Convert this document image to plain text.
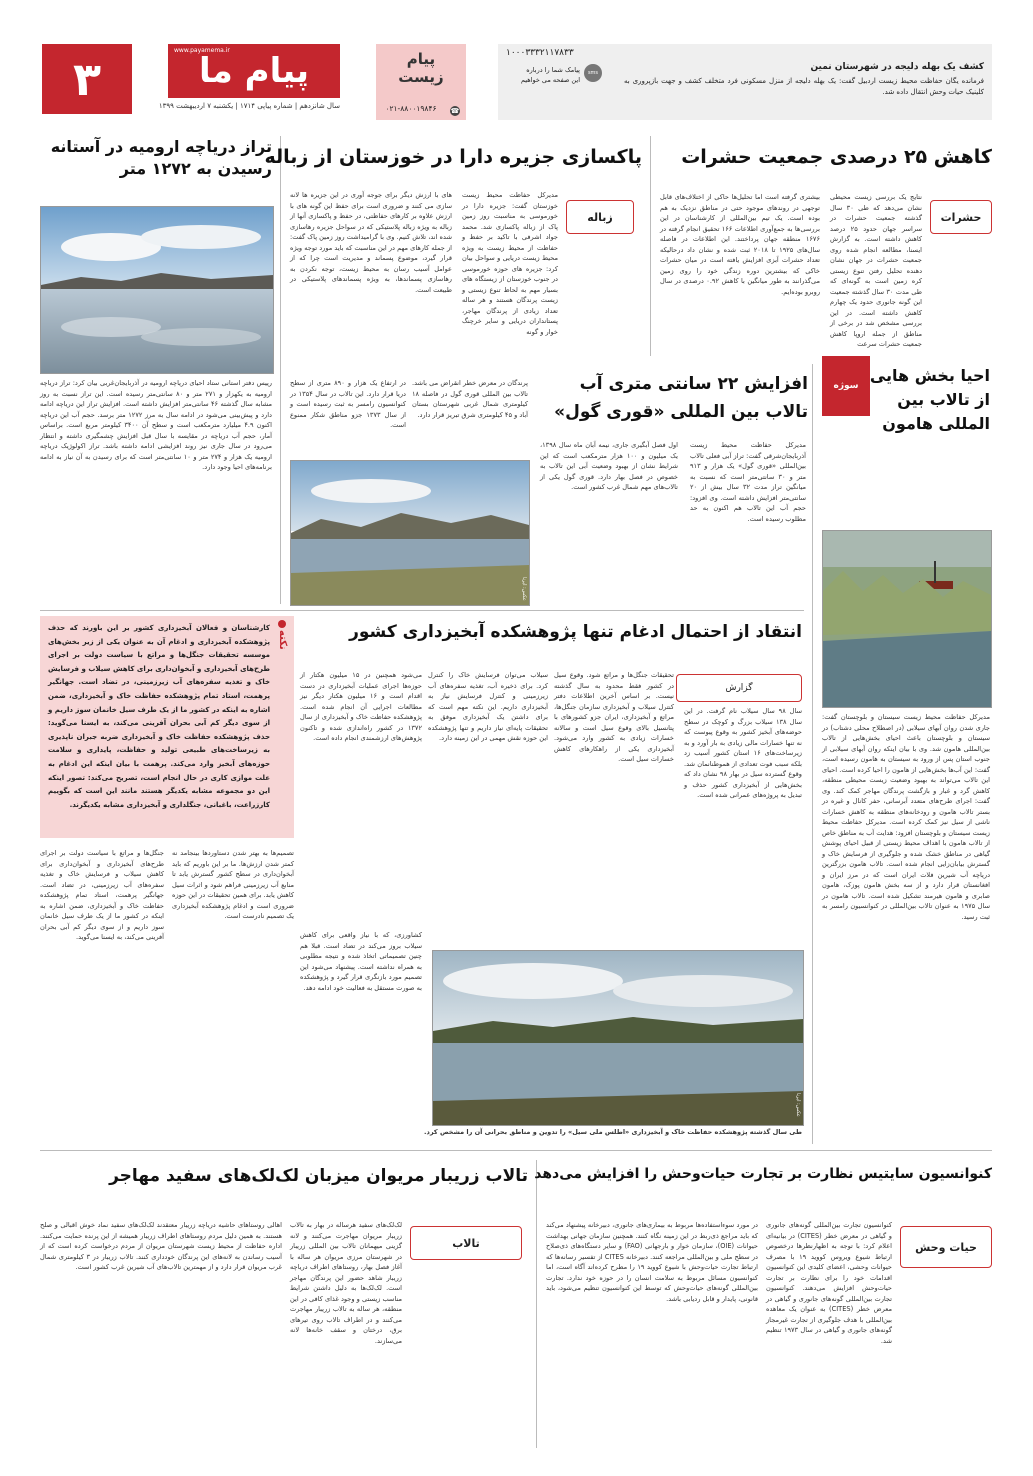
۳	پیام ما
www.payamema.ir
سال شانزدهم | شماره پیاپی ۱۷۱۴ | یکشنبه ۷ اردیبهشت ۱۳۹۹
پیام زیست
☎
۰۲۱-۸۸۰۰۱۹۸۴۶
۱۰۰۰۳۳۳۲۱۱۷۸۳۳
sms
پیامک شما را درباره
این صفحه می خواهیم
کشف یک بهله دلیجه در شهرستان نمین
فرمانده یگان حفاظت محیط زیست اردبیل گفت: یک بهله دلیجه از منزل مسکونی فرد متخلف کشف و جهت بازپروری به کلینیک حیات وحش انتقال داده شد.
تراز دریاچه ارومیه در آستانه رسیدن به ۱۲۷۲ متر
رییس دفتر استانی ستاد احیای دریاچه ارومیه در آذربایجان‌غربی بیان کرد: تراز دریاچه ارومیه به یکهزار و ۲۷۱ متر و ۸۰ سانتی‌متر رسیده است. این تراز نسبت به روز مشابه سال گذشته ۴۶ سانتی‌متر افزایش داشته است. افزایش تراز این دریاچه ادامه دارد و پیش‌بینی می‌شود در ادامه سال به مرز ۱۲۷۲ متر برسد. حجم آب این دریاچه اکنون ۴.۹ میلیارد مترمکعب است و سطح آن ۳۴۰۰ کیلومتر مربع است. براساس آمار، حجم آب دریاچه در مقایسه با سال قبل افزایش چشمگیری داشته و انتظار می‌رود در سال جاری نیز روند افزایشی ادامه داشته باشد. تراز اکولوژیک دریاچه ارومیه یک هزار و ۲۷۴ متر و ۱۰ سانتی‌متر است که برای رسیدن به آن نیاز به ادامه برنامه‌های احیا وجود دارد.
پاکسازی جزیره دارا در خوزستان از زباله
زباله
مدیرکل حفاظت محیط زیست خوزستان گفت: جزیره دارا در خورموسی به مناسبت روز زمین پاک از زباله پاکسازی شد. محمد جواد اشرفی با تاکید بر حفظ و حفاظت از محیط زیست به ویژه محیط زیست دریایی و سواحل بیان کرد: جزیره های حوزه خورموسی در جنوب خوزستان از زیستگاه های بسیار مهم به لحاظ تنوع زیستی و زیست پرندگان هستند و هر ساله تعداد زیادی از پرندگان مهاجر، پستانداران دریایی و سایر خرچنگ خوار و گونه
های با ارزش دیگر برای جوجه آوری در این جزیره ها لانه سازی می کنند و ضروری است برای حفظ این گونه های با ارزش علاوه بر کارهای حفاظتی، در حفظ و پاکسازی آنها از زباله به ویژه زباله پلاستیکی که در سواحل جزیره رهاسازی شده اند، تلاش کنیم. وی با گرامیداشت روز زمین پاک گفت: از جمله کارهای مهم در این مناسبت که باید مورد توجه ویژه قرار گیرد، موضوع پسماند و مدیریت است چرا که از عوامل آسیب رسان به محیط زیست، توجه نکردن به رهاسازی پسماندها، به ویژه پسماندهای پلاستیکی در طبیعت است.
کاهش ۲۵ درصدی جمعیت حشرات
حشرات
نتایج یک بررسی زیست محیطی نشان می‌دهد که طی ۳۰ سال گذشته جمعیت حشرات در سراسر جهان حدود ۲۵ درصد کاهش داشته است. به گزارش ایسنا، مطالعه انجام شده روی جمعیت حشرات در جهان نشان دهنده تحلیل رفتن تنوع زیستی کره زمین است به گونه‌ای که طی مدت ۳۰ سال گذشته جمعیت این گونه جانوری حدود یک چهارم کاهش داشته است. در این بررسی مشخص شد در برخی از مناطق از جمله اروپا کاهش جمعیت حشرات سرعت
بیشتری گرفته است اما تحلیل‌ها حاکی از اختلاف‌های قابل توجهی در روندهای موجود حتی در مناطق نزدیک به هم بوده است. یک تیم بین‌المللی از کارشناسان در این بررسی‌ها به جمع‌آوری اطلاعات ۱۶۶ تحقیق انجام گرفته در ۱۶۷۶ منطقه جهان پرداختند. این اطلاعات در فاصله سال‌های ۱۹۲۵ تا ۲۰۱۸ ثبت شده و نشان داد درحالیکه تعداد حشرات آبزی افزایش یافته است در میان حشرات خاکی که بیشترین دوره زندگی خود را روی زمین می‌گذرانند به طور میانگین با کاهش ۰.۹۲ درصدی در سال روبرو بوده‌ایم.
افزایش ۲۲ سانتی متری آب
تالاب بین المللی «قوری گول»
مدیرکل حفاظت محیط زیست آذربایجان‌شرقی گفت: تراز آبی فعلی تالاب بین‌المللی «قوری گول» یک هزار و ۹۱۳ متر و ۳۰ سانتی‌متر است که نسبت به میانگین تراز مدت ۳۲ سال بیش از ۲۰ سانتی‌متر افزایش داشته است. وی افزود: حجم آب این تالاب هم اکنون به حد مطلوب رسیده است.
اول فصل آبگیری جاری، نیمه آبان ماه سال ۱۳۹۸، یک میلیون و ۱۰۰ هزار مترمکعب است که این شرایط نشان از بهبود وضعیت آبی این تالاب به خصوص در فصل بهار دارد. قوری گول یکی از تالاب‌های مهم شمال غرب کشور است.
پرندگان در معرض خطر انقراض می باشد. تالاب بین المللی قوری گول در فاصله ۱۸ کیلومتری شمال غربی شهرستان بستان آباد و ۴۵ کیلومتری شرق تبریز قرار دارد.
در ارتفاع یک هزار و ۸۹۰ متری از سطح دریا قرار دارد. این تالاب در سال ۱۳۵۴ در کنوانسیون رامسر به ثبت رسیده است و از سال ۱۳۷۳ جزو مناطق شکار ممنوع است.
عکس: ایرنا
سوژه
احیا بخش هایی از تالاب بین المللی هامون
مدیرکل حفاظت محیط زیست سیستان و بلوچستان گفت: جاری شدن روان آبهای سیلابی (در اصطلاح محلی دشتاب) در سیستان و بلوچستان باعث احیای بخش‌هایی از تالاب بین‌المللی هامون شد. وی با بیان اینکه روان آبهای سیلابی از جنوب استان پس از ورود به سیستان به هامون رسیده است، گفت: این آب‌ها بخش‌هایی از هامون را احیا کرده است. احیای این تالاب می‌تواند به بهبود وضعیت زیست محیطی منطقه، کاهش گرد و غبار و بازگشت پرندگان مهاجر کمک کند. وی گفت: اجرای طرح‌های متعدد آبرسانی، حفر کانال و غیره در بستر تالاب هامون و رودخانه‌های منطقه به کاهش خسارات ناشی از سیل نیز کمک کرده است. مدیرکل حفاظت محیط زیست سیستان و بلوچستان افزود: هدایت آب به مناطق خاص از تالاب هامون با اهداف محیط زیستی از قبیل احیای پوشش گیاهی در مناطق خشک شده و جلوگیری از فرسایش خاک و گسترش بیابان‌زایی انجام شده است. تالاب هامون بزرگترین دریاچه آب شیرین فلات ایران است که در مرز ایران و افغانستان قرار دارد و از سه بخش هامون پوزک، هامون صابری و هامون هیرمند تشکیل شده است. تالاب هامون در سال ۱۹۷۵ به عنوان تالاب بین‌المللی در کنوانسیون رامسر به ثبت رسید.
نکته
کارشناسان و فعالان آبخیزداری کشور بر این باورند که حذف پژوهشکده آبخیزداری و ادغام آن به عنوان یکی از زیر بخش‌های موسسه تحقیقات جنگل‌ها و مراتع با سیاست دولت بر اجرای طرح‌های آبخیزداری و آبخوان‌داری برای کاهش سیلاب و فرسایش خاک و تغذیه سفره‌های آب زیرزمینی، در تضاد است. جهانگیر پرهمت، استاد تمام پژوهشکده حفاظت خاک و آبخیزداری، ضمن اشاره به اینکه در کشور ما از یک طرف سیل خانمان سوز داریم و از سوی دیگر کم آبی بحران آفرینی می‌کند، به ایسنا می‌گوید: حذف پژوهشکده حفاظت خاک و آبخیزداری ضربه جبران ناپذیری به زیرساخت‌های طبیعی تولید و حفاظت، پایداری و سلامت حوزه‌های آبخیز وارد می‌کند. پرهمت با بیان اینکه این ادغام به علت موازی کاری در حال انجام است، تصریح می‌کند: تصور اینکه این دو مجموعه مشابه یکدیگر هستند مانند این است که بگوییم کارزراعت، باغبانی، جنگلداری و آبخیزداری مشابه یکدیگرند.
انتقاد از احتمال ادغام تنها پژوهشکده آبخیزداری کشور
گزارش
سال ۹۸ سال سیلاب نام گرفت. در این سال ۱۳۸ سیلاب بزرگ و کوچک در سطح حوضه‌های آبخیز کشور به وقوع پیوست که نه تنها خسارات مالی زیادی به بار آورد و به زیرساخت‌های ۱۶ استان کشور آسیب زد بلکه سبب فوت تعدادی از هموطنانمان شد. وقوع گسترده سیل در بهار ۹۸ نشان داد که بخش‌هایی از آبخیزداری کشور حذف و تبدیل به پروژه‌های عمرانی شده است.
تحقیقات جنگل‌ها و مراتع شود. وقوع سیل در کشور فقط محدود به سال گذشته نیست. بر اساس آخرین اطلاعات دفتر کنترل سیلاب و آبخیزداری سازمان جنگل‌ها، مراتع و آبخیزداری، ایران جزو کشورهای با پتانسیل بالای وقوع سیل است و سالانه خسارات زیادی به کشور وارد می‌شود. آبخیزداری یکی از راهکارهای کاهش خسارات سیل است.
سیلاب می‌توان فرسایش خاک را کنترل کرد. برای ذخیره آب، تغذیه سفره‌های آب زیرزمینی و کنترل فرسایش نیاز به آبخیزداری داریم. این نکته مهم است که برای داشتن یک آبخیزداری موفق به تحقیقات پایه‌ای نیاز داریم و تنها پژوهشکده این حوزه نقش مهمی در این زمینه دارد.
می‌شود همچنین در ۱۵ میلیون هکتار از حوزه‌ها اجرای عملیات آبخیزداری در دست اقدام است و ۱۶ میلیون هکتار دیگر نیز مطالعات اجرایی آن انجام شده است. پژوهشکده حفاظت خاک و آبخیزداری از سال ۱۳۷۲ در کشور راه‌اندازی شده و تاکنون پژوهش‌های ارزشمندی انجام داده است.
جنگل‌ها و مراتع با سیاست دولت بر اجرای طرح‌های آبخیزداری و آبخوان‌داری برای کاهش سیلاب و فرسایش خاک و تغذیه سفره‌های آب زیرزمینی، در تضاد است. جهانگیر پرهمت، استاد تمام پژوهشکده حفاظت خاک و آبخیزداری، ضمن اشاره به اینکه در کشور ما از یک طرف سیل خانمان سوز داریم و از سوی دیگر کم آبی بحران آفرینی می‌کند، به ایسنا می‌گوید.
تصمیم‌ها به بهتر شدن دستاوردها بینجامد نه کمتر شدن ارزش‌ها. ما بر این باوریم که باید آبخوان‌داری در سطح کشور گسترش یابد تا منابع آب زیرزمینی فراهم شود و اثرات سیل کاهش یابد. برای همین تحقیقات در این حوزه ضروری است و ادغام پژوهشکده آبخیزداری یک تصمیم نادرست است.
کشاورزی، که با نیاز واقعی برای کاهش سیلاب بروز می‌کند در تضاد است. قبلا هم چنین تصمیماتی اتخاذ شده و نتیجه مطلوبی به همراه نداشته است. پیشنهاد می‌شود این تصمیم مورد بازنگری قرار گیرد و پژوهشکده به صورت مستقل به فعالیت خود ادامه دهد.
عکس: ایرنا
طی سال گذشته پژوهشکده حفاظت خاک و آبخیزداری «اطلس ملی سیل» را تدوین و مناطق بحرانی آن را مشخص کرد.
تالاب زریبار مریوان میزبان لک‌لک‌های سفید مهاجر
تالاب
لک‌لک‌های سفید هرساله در بهار به تالاب زریبار مریوان مهاجرت می‌کنند و لانه گزینی میهمانان تالاب بین المللی زریبار در شهرستان مرزی مریوان هر ساله با آغاز فصل بهار، روستاهای اطراف دریاچه زریبار شاهد حضور این پرندگان مهاجر است. لک‌لک‌ها به دلیل داشتن شرایط مناسب زیستی و وجود غذای کافی در این منطقه، هر ساله به تالاب زریبار مهاجرت می‌کنند و در اطراف تالاب روی تیرهای برق، درختان و سقف خانه‌ها لانه می‌سازند.
اهالی روستاهای حاشیه دریاچه زریبار معتقدند لک‌لک‌های سفید نماد خوش اقبالی و صلح هستند. به همین دلیل مردم روستاهای اطراف زریبار همیشه از این پرنده حمایت می‌کنند. اداره حفاظت از محیط زیست شهرستان مریوان از مردم درخواست کرده است که از آسیب رساندن به لانه‌های این پرندگان خودداری کنند. تالاب زریبار در ۳ کیلومتری شمال غرب مریوان قرار دارد و از مهمترین تالاب‌های آب شیرین غرب کشور است.
کنوانسیون سایتیس نظارت بر تجارت حیات‌وحش را افزایش می‌دهد
حیات وحش
کنوانسیون تجارت بین‌المللی گونه‌های جانوری و گیاهی در معرض خطر (CITES) در بیانیه‌ای اعلام کرد: با توجه به اظهارنظرها درخصوص ارتباط شیوع ویروس کووید ۱۹ با مصرف حیوانات وحشی، اعضای کلیدی این کنوانسیون اقدامات خود را برای نظارت بر تجارت حیات‌وحش افزایش می‌دهند. کنوانسیون تجارت بین‌المللی گونه‌های جانوری و گیاهی در معرض خطر (CITES) به عنوان یک معاهده بین‌المللی با هدف جلوگیری از تجارت غیرمجاز گونه‌های جانوری و گیاهی در سال ۱۹۷۳ تنظیم شد.
در مورد سوءاستفاده‌ها مربوط به بیماری‌های جانوری، دبیرخانه پیشنهاد می‌کند که باید مراجع ذی‌ربط در این زمینه نگاه کنند. همچنین سازمان جهانی بهداشت حیوانات (OIE)، سازمان خوار و بارجهانی (FAO) و سایر دستگاه‌های ذی‌صلاح در سطح ملی و بین‌المللی مراجعه کنند. دبیرخانه CITES از تفسیر رسانه‌ها که ارتباط تجارت حیات‌وحش با شیوع کووید ۱۹ را مطرح کرده‌اند آگاه است، اما کنوانسیون مسائل مربوط به سلامت انسان را در حوزه خود ندارد. تجارت بین‌المللی گونه‌های حیات‌وحش که توسط این کنوانسیون تنظیم می‌شود، باید قانونی، پایدار و قابل ردیابی باشد.
